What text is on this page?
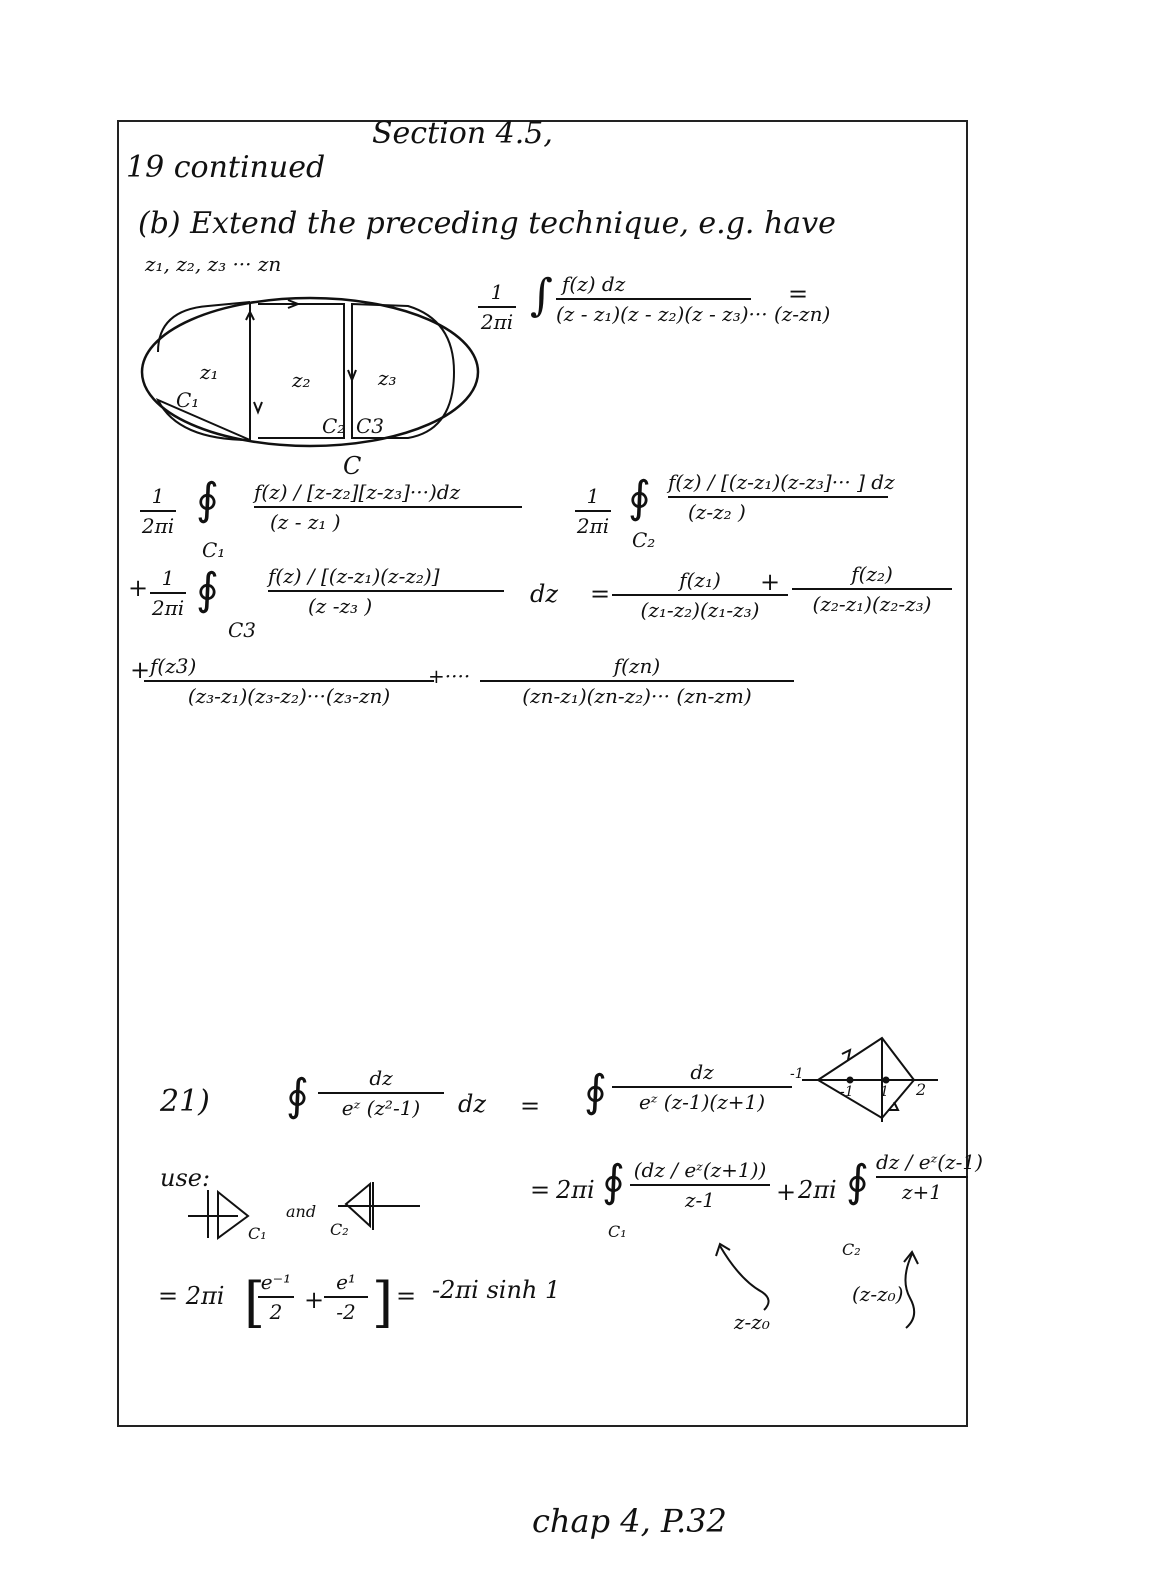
Section 4.5,
19 continued
(b) Extend the preceding technique, e.g. have
z₁, z₂, z₃ ··· zn
1
2πi
∫ f(z) dz
(z - z₁)(z - z₂)(z - z₃)··· (z-zn)
=
z₁	z₂	z₃
C₁
C₂ C3
C
1
2πi
∮
C₁
f(z) / [z-z₂][z-z₃]···)dz
(z - z₁ )
1
2πi
∮
C₂
f(z) / [(z-z₁)(z-z₃]··· ] dz
(z-z₂ )
+ 1
2πi ∮
C3
f(z) / [(z-z₁)(z-z₂)]
(z -z₃ )	dz =	f(z₁)
(z₁-z₂)(z₁-z₃)
+	f(z₂)
(z₂-z₁)(z₂-z₃)
+ f(z3)
(z₃-z₁)(z₃-z₂)···(z₃-zn)
+····	f(zn)
(zn-z₁)(zn-z₂)··· (zn-zm)
21) ∮	dz
eᶻ (z²-1)	dz = ∮	dz
eᶻ (z-1)(z+1)
-1
-1 1 2
use:
C₁
and
C₂
= 2πi ∮
C₁
(dz / eᶻ(z+1))
z-1	+ 2πi ∮
C₂
dz / eᶻ(z-1)
z+1
z-z₀
(z-z₀)
= 2πi [
e⁻¹
2 +
e¹
-2 ] = -2πi sinh 1
chap 4, P.32
